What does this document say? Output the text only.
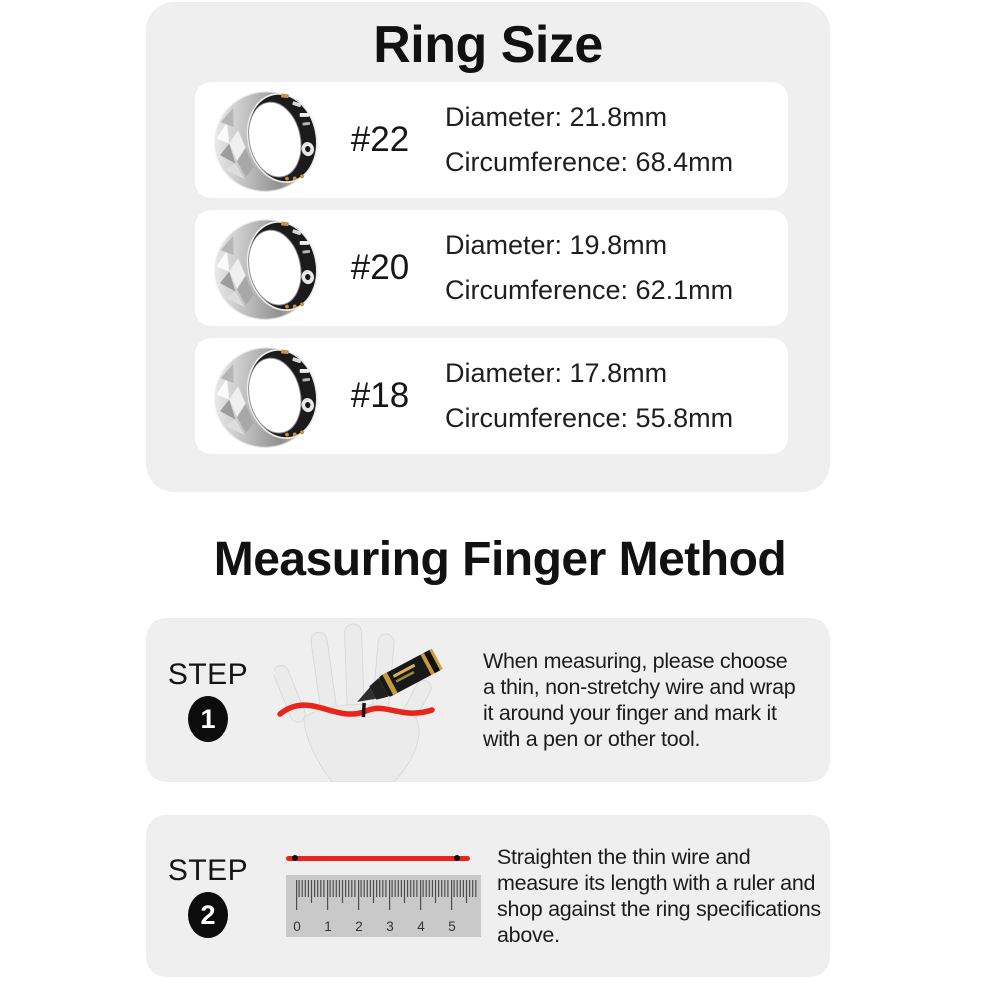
Ring Size
#22
Diameter: 21.8mm
Circumference: 68.4mm
#20
Diameter: 19.8mm
Circumference: 62.1mm
#18
Diameter: 17.8mm
Circumference: 55.8mm
Measuring Finger Method
STEP
1
When measuring, please choose
a thin, non-stretchy wire and wrap
it around your finger and mark it
with a pen or other tool.
STEP
2	0 1 2 3 4 5
Straighten the thin wire and
measure its length with a ruler and
shop against the ring specifications
above.
